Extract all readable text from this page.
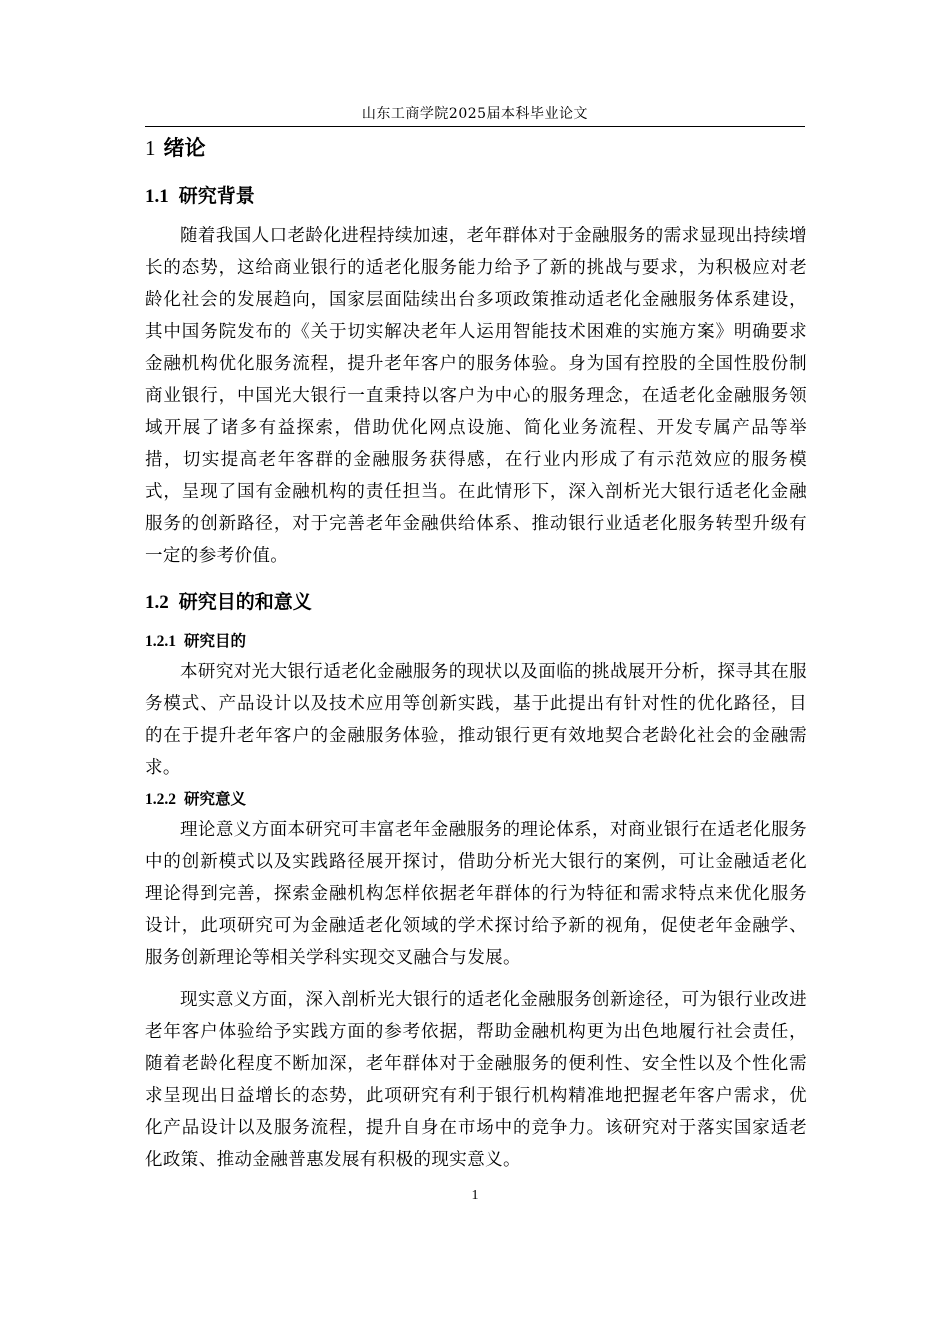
山东工商学院2025届本科毕业论文
1 绪论
1.1 研究背景

随着我国人口老龄化进程持续加速，老年群体对于金融服务的需求显现出持续增长的态势，这给商业银行的适老化服务能力给予了新的挑战与要求，为积极应对老龄化社会的发展趋向，国家层面陆续出台多项政策推动适老化金融服务体系建设，其中国务院发布的《关于切实解决老年人运用智能技术困难的实施方案》明确要求金融机构优化服务流程，提升老年客户的服务体验。身为国有控股的全国性股份制商业银行，中国光大银行一直秉持以客户为中心的服务理念，在适老化金融服务领域开展了诸多有益探索，借助优化网点设施、简化业务流程、开发专属产品等举措，切实提高老年客群的金融服务获得感，在行业内形成了有示范效应的服务模式，呈现了国有金融机构的责任担当。在此情形下，深入剖析光大银行适老化金融服务的创新路径，对于完善老年金融供给体系、推动银行业适老化服务转型升级有一定的参考价值。

1.2 研究目的和意义
1.2.1 研究目的

本研究对光大银行适老化金融服务的现状以及面临的挑战展开分析，探寻其在服务模式、产品设计以及技术应用等创新实践，基于此提出有针对性的优化路径，目的在于提升老年客户的金融服务体验，推动银行更有效地契合老龄化社会的金融需求。

1.2.2 研究意义

理论意义方面本研究可丰富老年金融服务的理论体系，对商业银行在适老化服务中的创新模式以及实践路径展开探讨，借助分析光大银行的案例，可让金融适老化理论得到完善，探索金融机构怎样依据老年群体的行为特征和需求特点来优化服务设计，此项研究可为金融适老化领域的学术探讨给予新的视角，促使老年金融学、服务创新理论等相关学科实现交叉融合与发展。

现实意义方面，深入剖析光大银行的适老化金融服务创新途径，可为银行业改进老年客户体验给予实践方面的参考依据，帮助金融机构更为出色地履行社会责任，随着老龄化程度不断加深，老年群体对于金融服务的便利性、安全性以及个性化需求呈现出日益增长的态势，此项研究有利于银行机构精准地把握老年客户需求，优化产品设计以及服务流程，提升自身在市场中的竞争力。该研究对于落实国家适老化政策、推动金融普惠发展有积极的现实意义。

1
